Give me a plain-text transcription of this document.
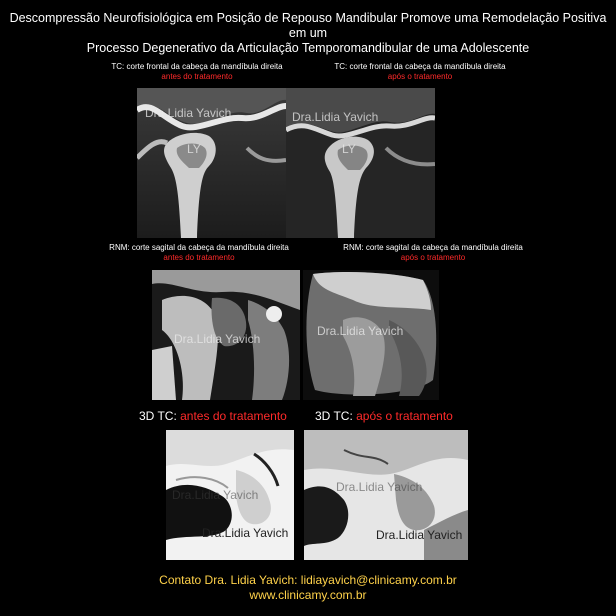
Descompressão Neurofisiológica em Posição de Repouso Mandibular Promove uma Remodelação Positiva em um
Processo Degenerativo da Articulação Temporomandibular de uma Adolescente
TC: corte frontal da cabeça da mandíbula direita
antes do tratamento
TC: corte frontal da cabeça da mandíbula direita
após o tratamento
Dra.Lidia Yavich
LY
Dra.Lidia Yavich
LY
RNM: corte sagital da cabeça da mandíbula direita
antes do tratamento
RNM: corte sagital da cabeça da mandíbula direita
após o tratamento
Dra.Lidia Yavich
Dra.Lidia Yavich
3D TC: antes do tratamento 3D TC: após o tratamento
Dra.Lidia Yavich
Dra.Lidia Yavich
Dra.Lidia Yavich
Dra.Lidia Yavich
Contato Dra. Lidia Yavich: lidiayavich@clinicamy.com.br
www.clinicamy.com.br
